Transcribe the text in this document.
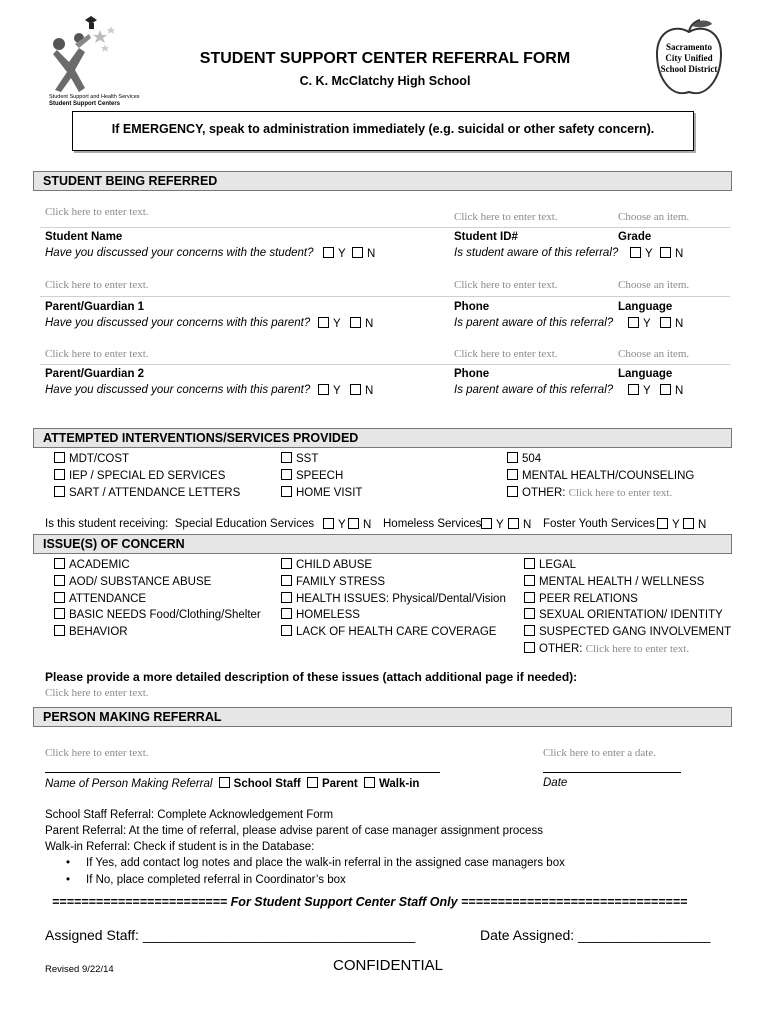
Student Support and Health Services
Student Support Centers
STUDENT SUPPORT CENTER REFERRAL FORM
C. K. McClatchy High School
Sacramento
City Unified
School District
If EMERGENCY, speak to administration immediately (e.g. suicidal or other safety concern).
STUDENT BEING REFERRED
Click here to enter text.	Click here to enter text.	Choose an item.
Student Name	Student ID#	Grade
Have you discussed your concerns with the student?	Y	N	Is student aware of this referral?	Y	N
Click here to enter text.	Click here to enter text.	Choose an item.
Parent/Guardian 1	Phone	Language
Have you discussed your concerns with this parent?	Y	N	Is parent aware of this referral?	Y	N
Click here to enter text.	Click here to enter text.	Choose an item.
Parent/Guardian 2	Phone	Language
Have you discussed your concerns with this parent?	Y	N	Is parent aware of this referral?	Y	N
ATTEMPTED INTERVENTIONS/SERVICES PROVIDED
MDT/COST
IEP / SPECIAL ED SERVICES
SART / ATTENDANCE LETTERS
SST
SPEECH
HOME VISIT
504
MENTAL HEALTH/COUNSELING
OTHER: Click here to enter text.
Is this student receiving: Special Education Services	Y	N Homeless Services	Y	N Foster Youth Services	Y	N
ISSUE(S) OF CONCERN
ACADEMIC
AOD/ SUBSTANCE ABUSE
ATTENDANCE
BASIC NEEDS Food/Clothing/Shelter
BEHAVIOR
CHILD ABUSE
FAMILY STRESS
HEALTH ISSUES: Physical/Dental/Vision
HOMELESS
LACK OF HEALTH CARE COVERAGE
LEGAL
MENTAL HEALTH / WELLNESS
PEER RELATIONS
SEXUAL ORIENTATION/ IDENTITY
SUSPECTED GANG INVOLVEMENT
OTHER: Click here to enter text.
Please provide a more detailed description of these issues (attach additional page if needed):
Click here to enter text.
PERSON MAKING REFERRAL
Click here to enter text.	Click here to enter a date.
Name of Person Making Referral School Staff Parent Walk-in	Date
School Staff Referral: Complete Acknowledgement Form
Parent Referral: At the time of referral, please advise parent of case manager assignment process
Walk-in Referral: Check if student is in the Database:
•     If Yes, add contact log notes and place the walk-in referral in the assigned case managers box
•     If No, place completed referral in Coordinator’s box
======================== For Student Support Center Staff Only ===============================
Assigned Staff: ___________________________________	Date Assigned: _________________
Revised 9/22/14	CONFIDENTIAL
